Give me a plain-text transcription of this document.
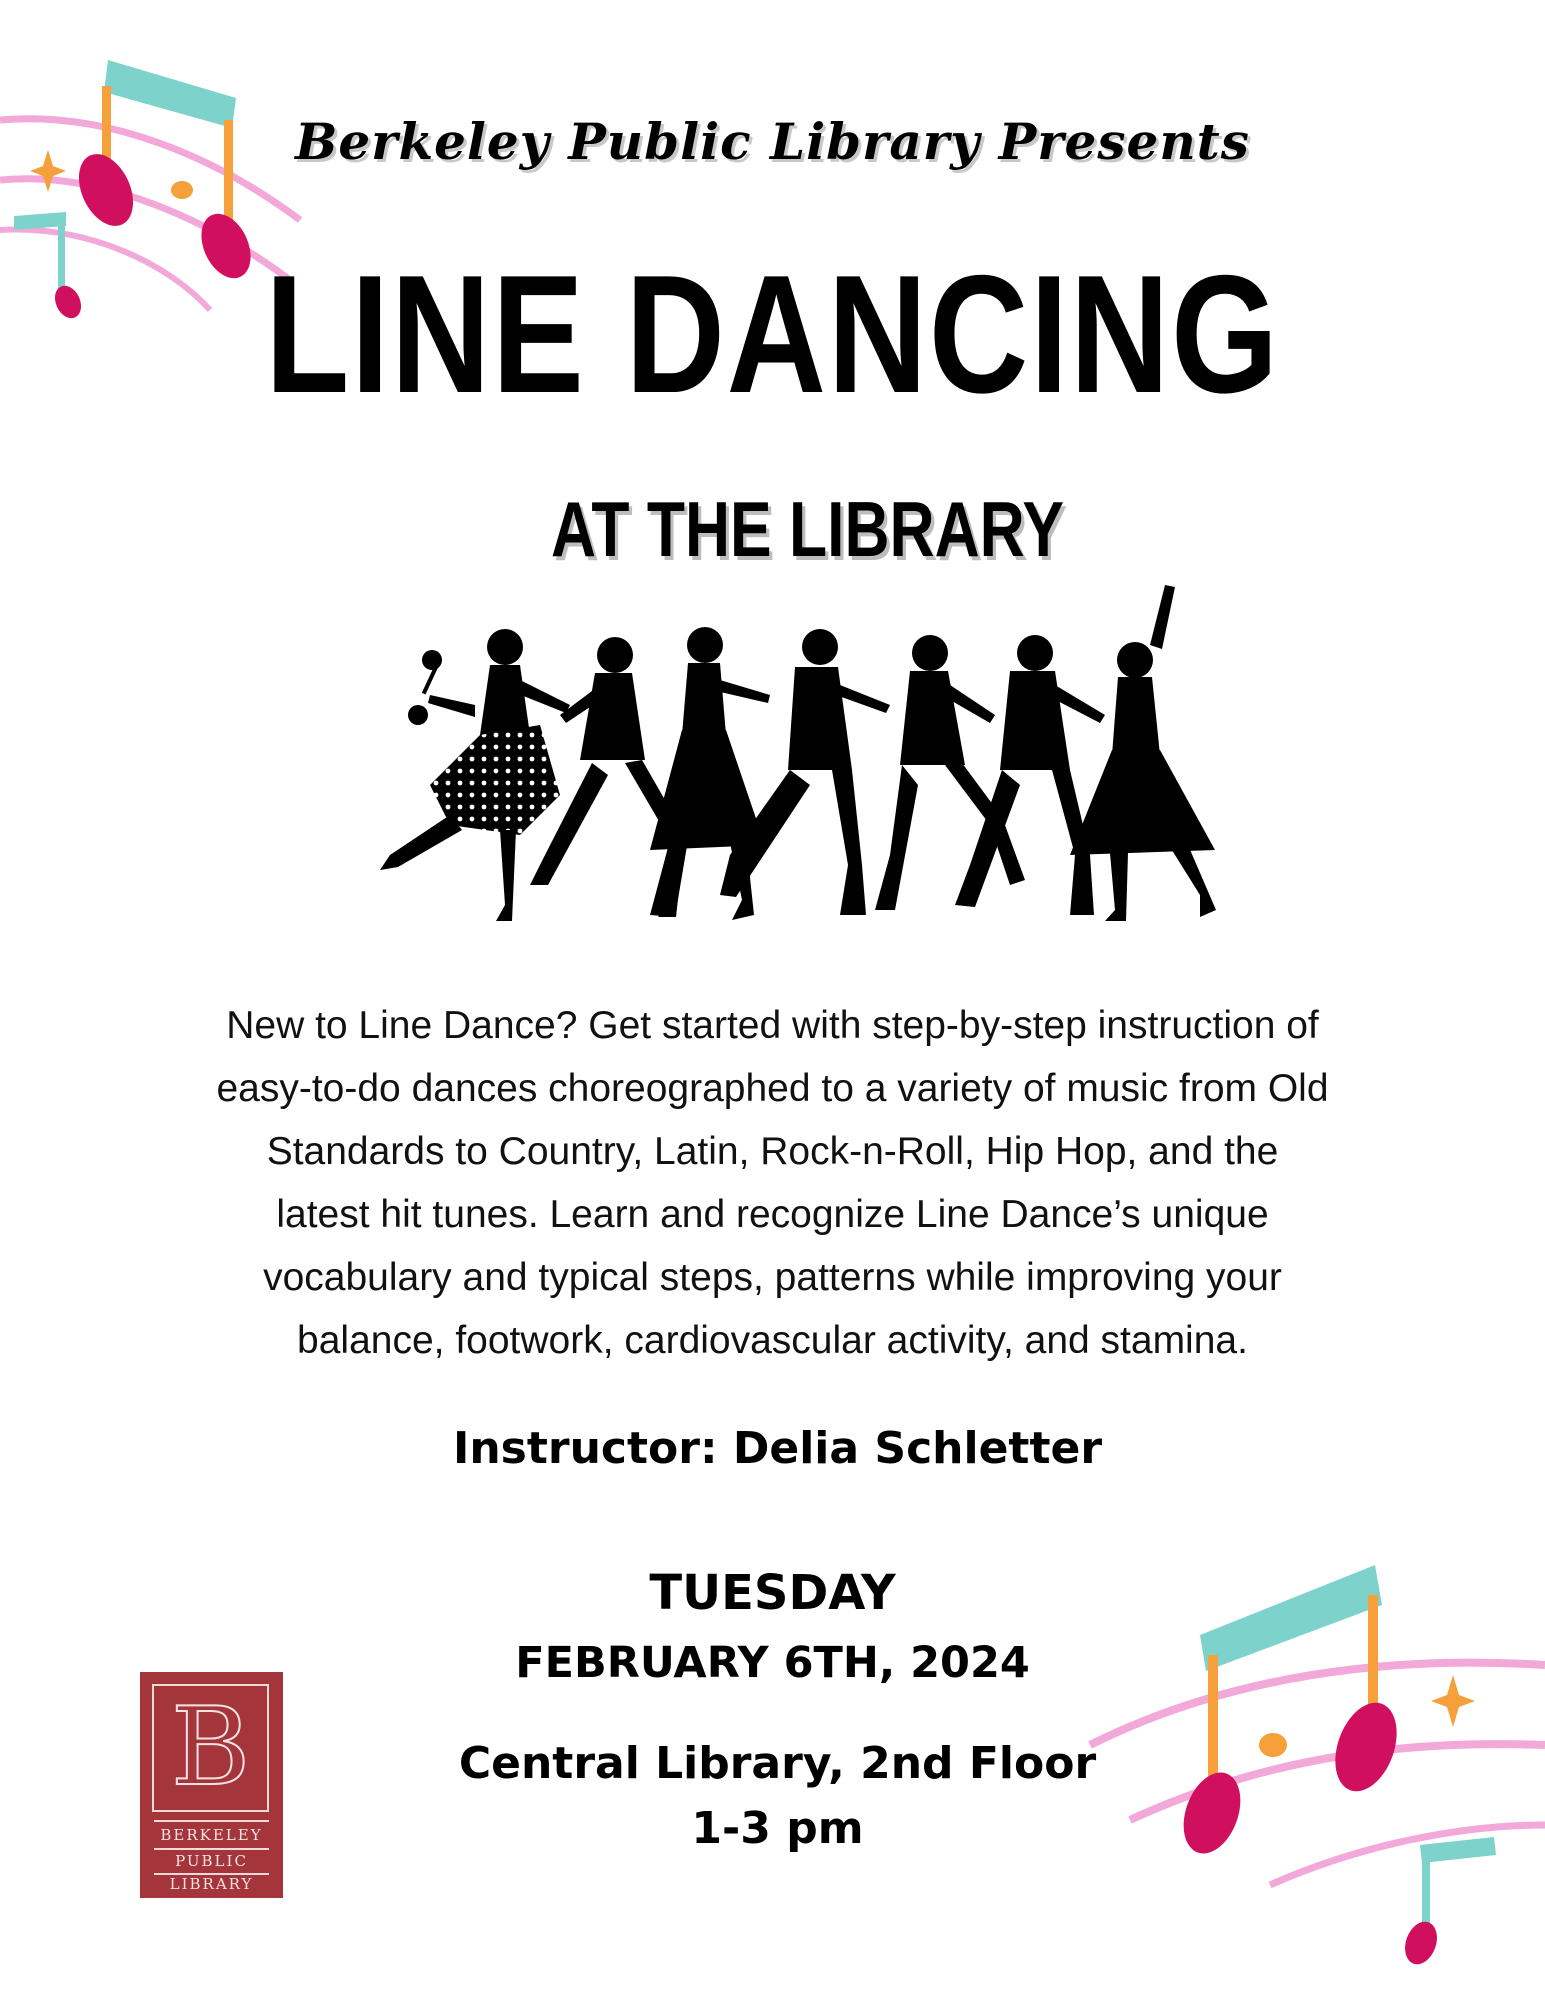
Berkeley Public Library Presents
LINE DANCING
AT THE LIBRARY
New to Line Dance? Get started with step-by-step instruction of
easy-to-do dances choreographed to a variety of music from Old
Standards to Country, Latin, Rock-n-Roll, Hip Hop, and the
latest hit tunes. Learn and recognize Line Dance’s unique
vocabulary and typical steps, patterns while improving your
balance, footwork, cardiovascular activity, and stamina.
Instructor: Delia Schletter
TUESDAY
FEBRUARY 6TH, 2024
Central Library, 2nd Floor
1-3 pm
B
BERKELEY
PUBLIC
LIBRARY
